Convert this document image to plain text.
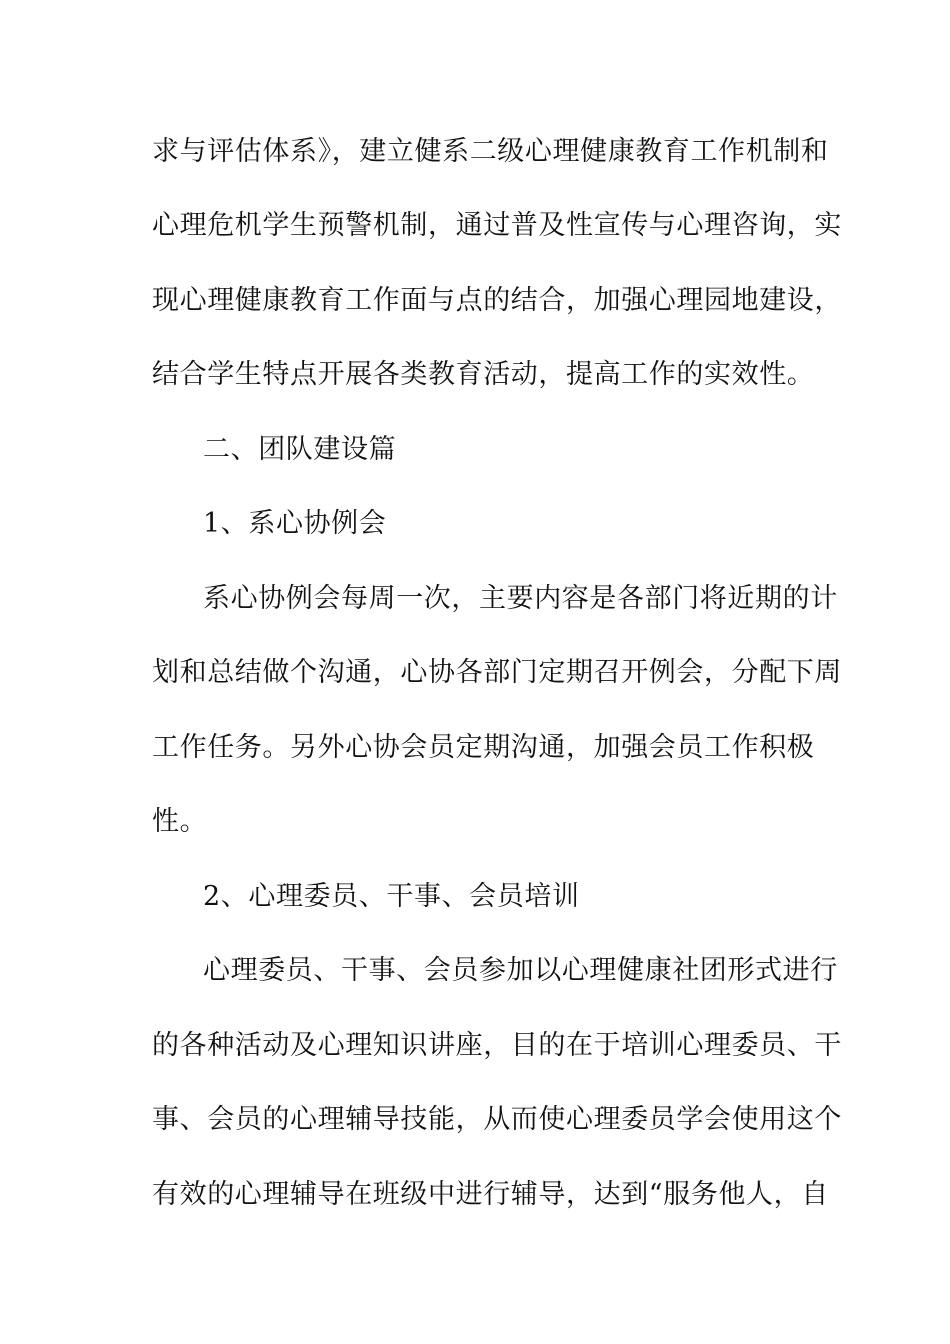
求与评估体系》，建立健系二级心理健康教育工作机制和
心理危机学生预警机制，通过普及性宣传与心理咨询，实
现心理健康教育工作面与点的结合，加强心理园地建设，
结合学生特点开展各类教育活动，提高工作的实效性。
二、团队建设篇
1、系心协例会
系心协例会每周一次，主要内容是各部门将近期的计
划和总结做个沟通，心协各部门定期召开例会，分配下周
工作任务。另外心协会员定期沟通，加强会员工作积极
性。
2、心理委员、干事、会员培训
心理委员、干事、会员参加以心理健康社团形式进行
的各种活动及心理知识讲座，目的在于培训心理委员、干
事、会员的心理辅导技能，从而使心理委员学会使用这个
有效的心理辅导在班级中进行辅导，达到“服务他人，自
